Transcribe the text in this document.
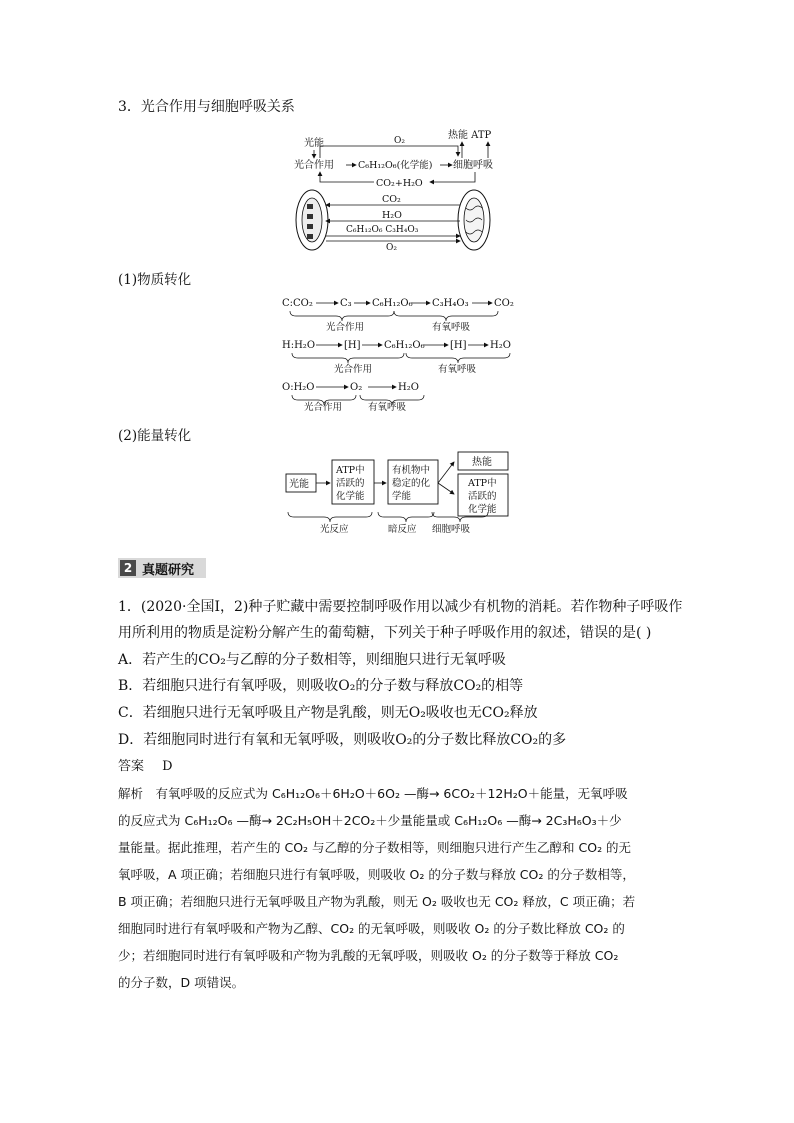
3．光合作用与细胞呼吸关系
光能
光合作用	C₆H₁₂O₆(化学能) 细胞呼吸
热能 ATP
O₂
CO₂+H₂O
CO₂
H₂O
C₆H₁₂O₆ C₃H₄O₃
O₂
(1)物质转化
C:CO₂	C₃ C₆H₁₂O₆ C₃H₄O₃	CO₂
光合作用	有氧呼吸
H:H₂O	[H] C₆H₁₂O₆	[H] H₂O
光合作用	有氧呼吸
O:H₂O	O₂	H₂O
光合作用	有氧呼吸
(2)能量转化
光能
ATP中
活跃的
化学能
有机物中
稳定的化
学能
热能
ATP中
活跃的
化学能
光反应	暗反应 细胞呼吸
2 真题研究
1．(2020·全国Ⅰ，2)种子贮藏中需要控制呼吸作用以减少有机物的消耗。若作物种子呼吸作
用所利用的物质是淀粉分解产生的葡萄糖，下列关于种子呼吸作用的叙述，错误的是( )
A．若产生的CO₂与乙醇的分子数相等，则细胞只进行无氧呼吸
B．若细胞只进行有氧呼吸，则吸收O₂的分子数与释放CO₂的相等
C．若细胞只进行无氧呼吸且产物是乳酸，则无O₂吸收也无CO₂释放
D．若细胞同时进行有氧和无氧呼吸，则吸收O₂的分子数比释放CO₂的多
答案 D
解析　有氧呼吸的反应式为 C₆H₁₂O₆＋6H₂O＋6O₂ —酶→ 6CO₂＋12H₂O＋能量，无氧呼吸
的反应式为 C₆H₁₂O₆ —酶→ 2C₂H₅OH＋2CO₂＋少量能量或 C₆H₁₂O₆ —酶→ 2C₃H₆O₃＋少
量能量。据此推理，若产生的 CO₂ 与乙醇的分子数相等，则细胞只进行产生乙醇和 CO₂ 的无
氧呼吸，A 项正确；若细胞只进行有氧呼吸，则吸收 O₂ 的分子数与释放 CO₂ 的分子数相等，
B 项正确；若细胞只进行无氧呼吸且产物为乳酸，则无 O₂ 吸收也无 CO₂ 释放，C 项正确；若
细胞同时进行有氧呼吸和产物为乙醇、CO₂ 的无氧呼吸，则吸收 O₂ 的分子数比释放 CO₂ 的
少；若细胞同时进行有氧呼吸和产物为乳酸的无氧呼吸，则吸收 O₂ 的分子数等于释放 CO₂
的分子数，D 项错误。
